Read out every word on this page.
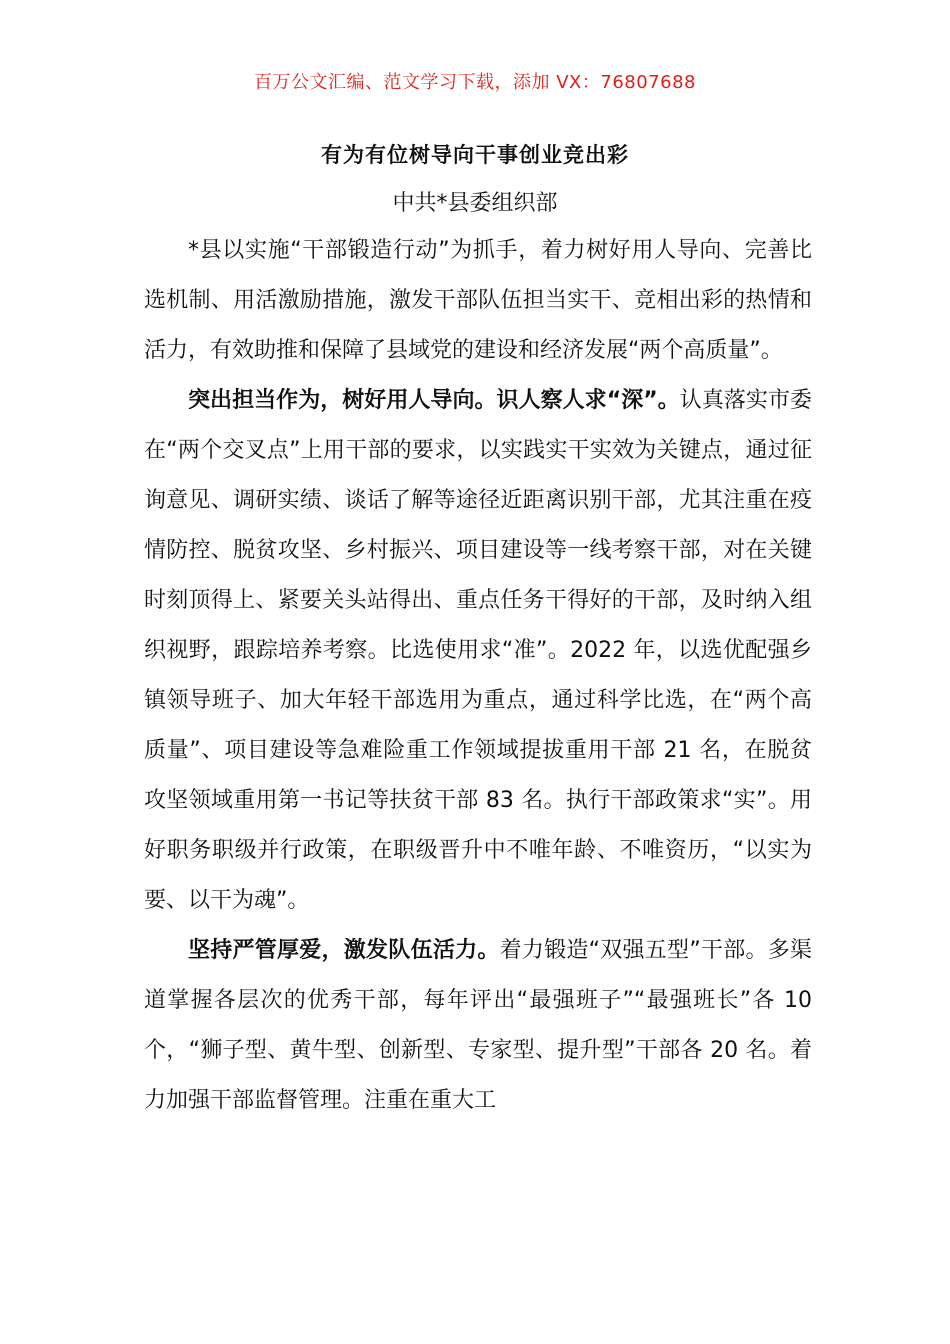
百万公文汇编、范文学习下载，添加 VX：76807688
有为有位树导向干事创业竞出彩
中共*县委组织部

*县以实施“干部锻造行动”为抓手，着力树好用人导向、完善比选机制、用活激励措施，激发干部队伍担当实干、竞相出彩的热情和活力，有效助推和保障了县域党的建设和经济发展“两个高质量”。

突出担当作为，树好用人导向。识人察人求“深”。认真落实市委在“两个交叉点”上用干部的要求，以实践实干实效为关键点，通过征询意见、调研实绩、谈话了解等途径近距离识别干部，尤其注重在疫情防控、脱贫攻坚、乡村振兴、项目建设等一线考察干部，对在关键时刻顶得上、紧要关头站得出、重点任务干得好的干部，及时纳入组织视野，跟踪培养考察。比选使用求“准”。2022 年，以选优配强乡镇领导班子、加大年轻干部选用为重点，通过科学比选，在“两个高质量”、项目建设等急难险重工作领域提拔重用干部 21 名，在脱贫攻坚领域重用第一书记等扶贫干部 83 名。执行干部政策求“实”。用好职务职级并行政策，在职级晋升中不唯年龄、不唯资历，“以实为要、以干为魂”。

坚持严管厚爱，激发队伍活力。着力锻造“双强五型”干部。多渠道掌握各层次的优秀干部，每年评出“最强班子”“最强班长”各 10 个，“狮子型、黄牛型、创新型、专家型、提升型”干部各 20 名。着力加强干部监督管理。注重在重大工
